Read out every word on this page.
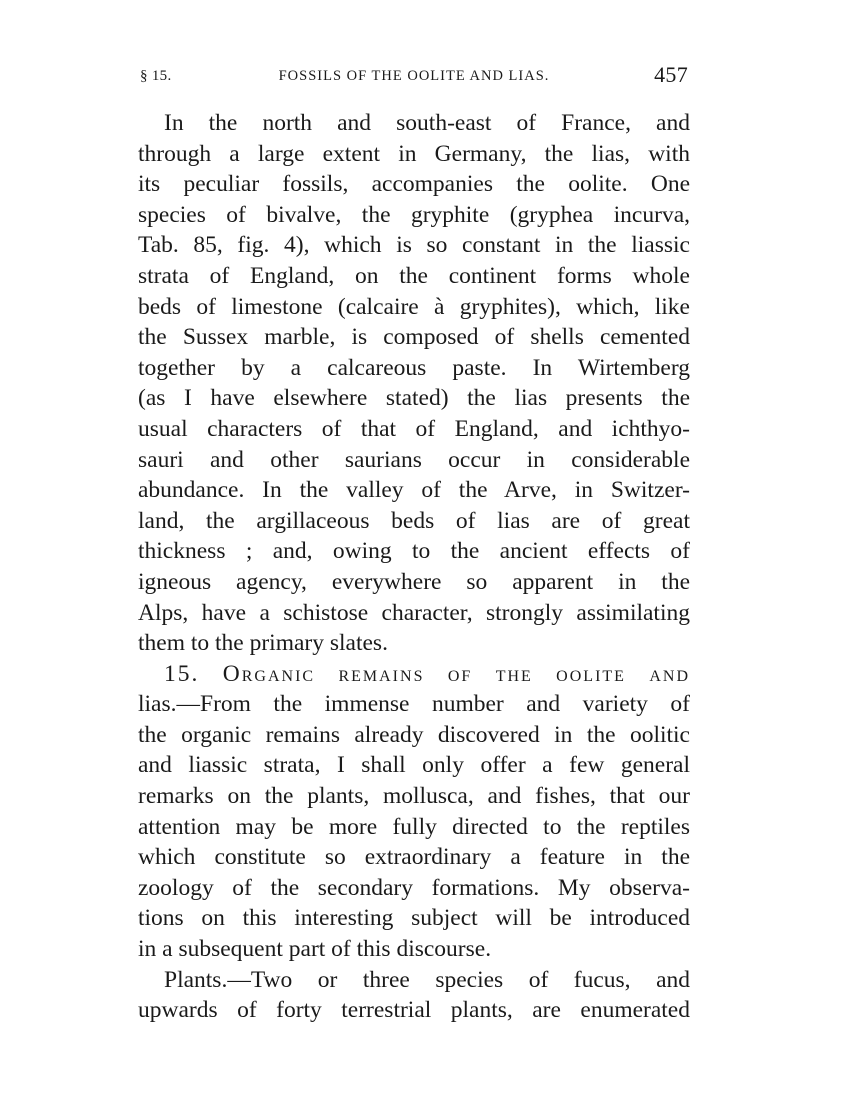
§ 15.	FOSSILS OF THE OOLITE AND LIAS.	457
In the north and south-east of France, and
through a large extent in Germany, the lias, with
its peculiar fossils, accompanies the oolite. One
species of bivalve, the gryphite (gryphea incurva,
Tab. 85, fig. 4), which is so constant in the liassic
strata of England, on the continent forms whole
beds of limestone (calcaire à gryphites), which, like
the Sussex marble, is composed of shells cemented
together by a calcareous paste. In Wirtemberg
(as I have elsewhere stated) the lias presents the
usual characters of that of England, and ichthyo-
sauri and other saurians occur in considerable
abundance. In the valley of the Arve, in Switzer-
land, the argillaceous beds of lias are of great
thickness ; and, owing to the ancient effects of
igneous agency, everywhere so apparent in the
Alps, have a schistose character, strongly assimilating
them to the primary slates.
15. Organic remains of the oolite and
lias.—From the immense number and variety of
the organic remains already discovered in the oolitic
and liassic strata, I shall only offer a few general
remarks on the plants, mollusca, and fishes, that our
attention may be more fully directed to the reptiles
which constitute so extraordinary a feature in the
zoology of the secondary formations. My observa-
tions on this interesting subject will be introduced
in a subsequent part of this discourse.
Plants.—Two or three species of fucus, and
upwards of forty terrestrial plants, are enumerated
